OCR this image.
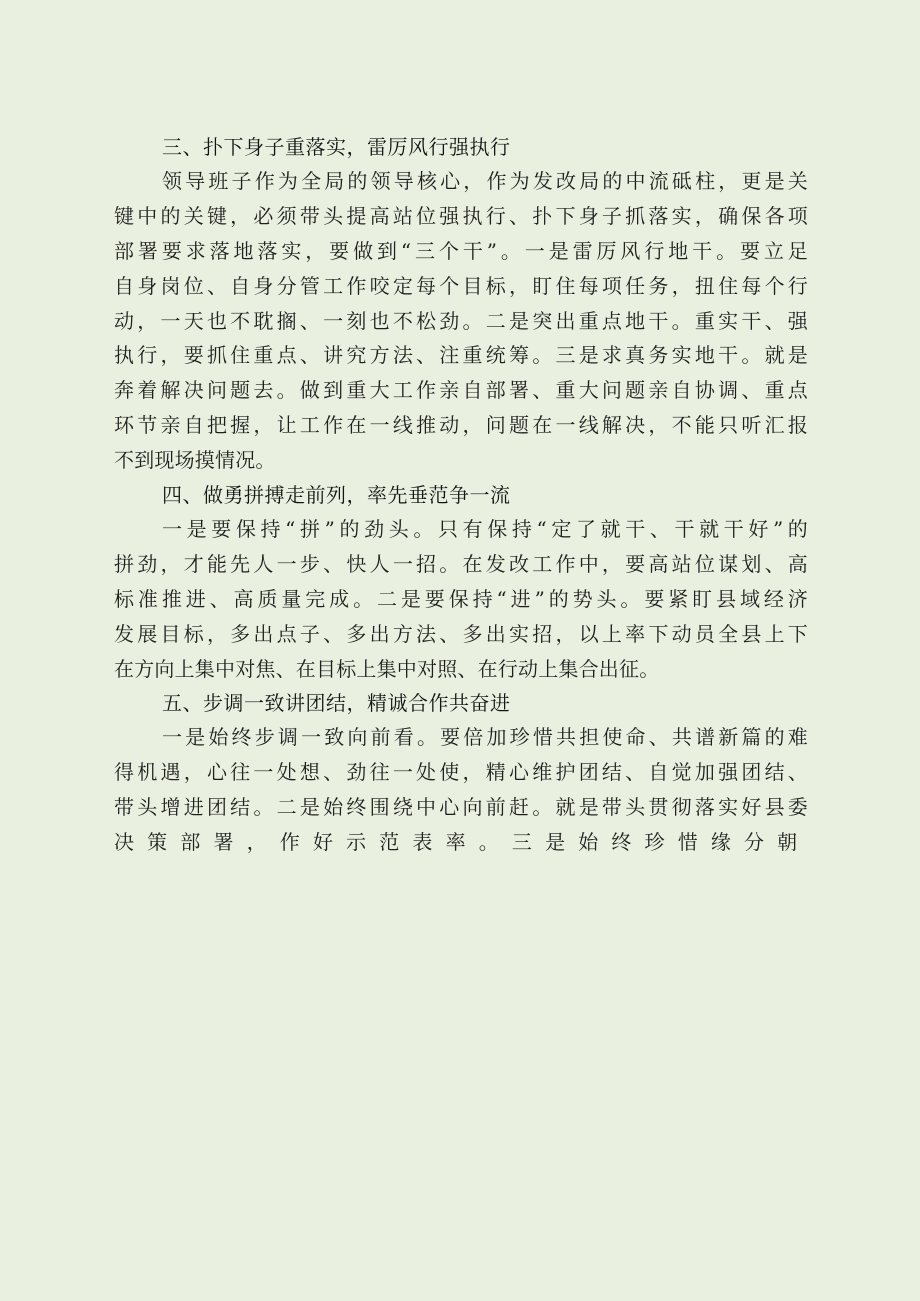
三、扑下身子重落实，雷厉风行强执行
领导班子作为全局的领导核心，作为发改局的中流砥柱，更是关
键中的关键，必须带头提高站位强执行、扑下身子抓落实，确保各项
部署要求落地落实，要做到“三个干”。一是雷厉风行地干。要立足
自身岗位、自身分管工作咬定每个目标，盯住每项任务，扭住每个行
动，一天也不耽搁、一刻也不松劲。二是突出重点地干。重实干、强
执行，要抓住重点、讲究方法、注重统筹。三是求真务实地干。就是
奔着解决问题去。做到重大工作亲自部署、重大问题亲自协调、重点
环节亲自把握，让工作在一线推动，问题在一线解决，不能只听汇报
不到现场摸情况。
四、做勇拼搏走前列，率先垂范争一流
一是要保持“拼”的劲头。只有保持“定了就干、干就干好”的
拼劲，才能先人一步、快人一招。在发改工作中，要高站位谋划、高
标准推进、高质量完成。二是要保持“进”的势头。要紧盯县域经济
发展目标，多出点子、多出方法、多出实招，以上率下动员全县上下
在方向上集中对焦、在目标上集中对照、在行动上集合出征。
五、步调一致讲团结，精诚合作共奋进
一是始终步调一致向前看。要倍加珍惜共担使命、共谱新篇的难
得机遇，心往一处想、劲往一处使，精心维护团结、自觉加强团结、
带头增进团结。二是始终围绕中心向前赶。就是带头贯彻落实好县委
决策部署，作好示范表率。三是始终珍惜缘分朝
